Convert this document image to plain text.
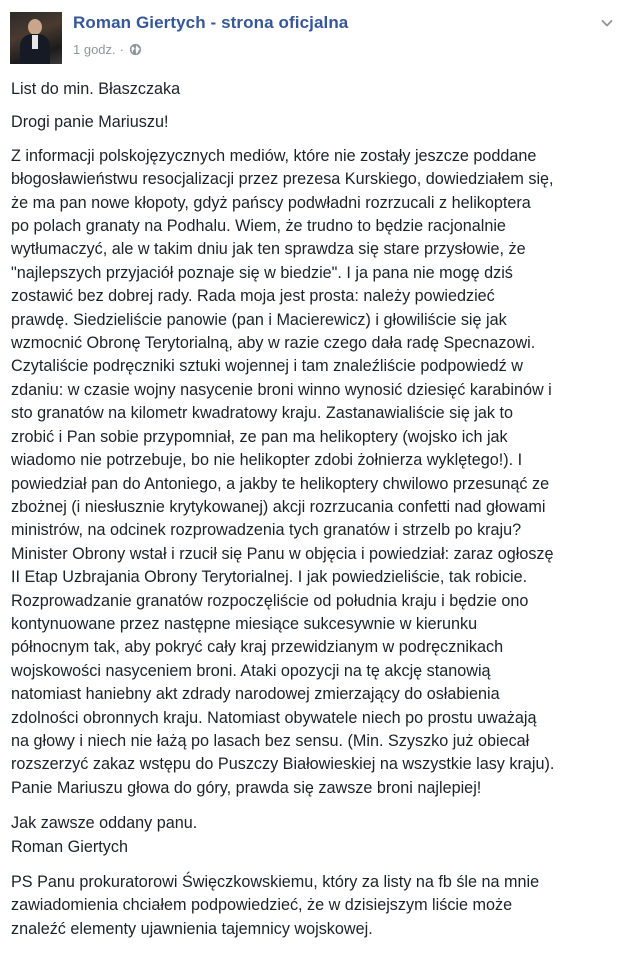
Roman Giertych - strona oficjalna
1 godz. ·

List do min. Błaszczaka

Drogi panie Mariuszu!

Z informacji polskojęzycznych mediów, które nie zostały jeszcze poddane
błogosławieństwu resocjalizacji przez prezesa Kurskiego, dowiedziałem się,
że ma pan nowe kłopoty, gdyż pańscy podwładni rozrzucali z helikoptera
po polach granaty na Podhalu. Wiem, że trudno to będzie racjonalnie
wytłumaczyć, ale w takim dniu jak ten sprawdza się stare przysłowie, że
"najlepszych przyjaciół poznaje się w biedzie". I ja pana nie mogę dziś
zostawić bez dobrej rady. Rada moja jest prosta: należy powiedzieć
prawdę. Siedzieliście panowie (pan i Macierewicz) i głowiliście się jak
wzmocnić Obronę Terytorialną, aby w razie czego dała radę Specnazowi.
Czytaliście podręczniki sztuki wojennej i tam znaleźliście podpowiedź w
zdaniu: w czasie wojny nasycenie broni winno wynosić dziesięć karabinów i
sto granatów na kilometr kwadratowy kraju. Zastanawialiście się jak to
zrobić i Pan sobie przypomniał, ze pan ma helikoptery (wojsko ich jak
wiadomo nie potrzebuje, bo nie helikopter zdobi żołnierza wyklętego!). I
powiedział pan do Antoniego, a jakby te helikoptery chwilowo przesunąć ze
zbożnej (i niesłusznie krytykowanej) akcji rozrzucania confetti nad głowami
ministrów, na odcinek rozprowadzenia tych granatów i strzelb po kraju?
Minister Obrony wstał i rzucił się Panu w objęcia i powiedział: zaraz ogłoszę
II Etap Uzbrajania Obrony Terytorialnej. I jak powiedzieliście, tak robicie.
Rozprowadzanie granatów rozpoczęliście od południa kraju i będzie ono
kontynuowane przez następne miesiące sukcesywnie w kierunku
północnym tak, aby pokryć cały kraj przewidzianym w podręcznikach
wojskowości nasyceniem broni. Ataki opozycji na tę akcję stanowią
natomiast haniebny akt zdrady narodowej zmierzający do osłabienia
zdolności obronnych kraju. Natomiast obywatele niech po prostu uważają
na głowy i niech nie łażą po lasach bez sensu. (Min. Szyszko już obiecał
rozszerzyć zakaz wstępu do Puszczy Białowieskiej na wszystkie lasy kraju).
Panie Mariuszu głowa do góry, prawda się zawsze broni najlepiej!

Jak zawsze oddany panu.
Roman Giertych

PS Panu prokuratorowi Święczkowskiemu, który za listy na fb śle na mnie
zawiadomienia chciałem podpowiedzieć, że w dzisiejszym liście może
znaleźć elementy ujawnienia tajemnicy wojskowej.
